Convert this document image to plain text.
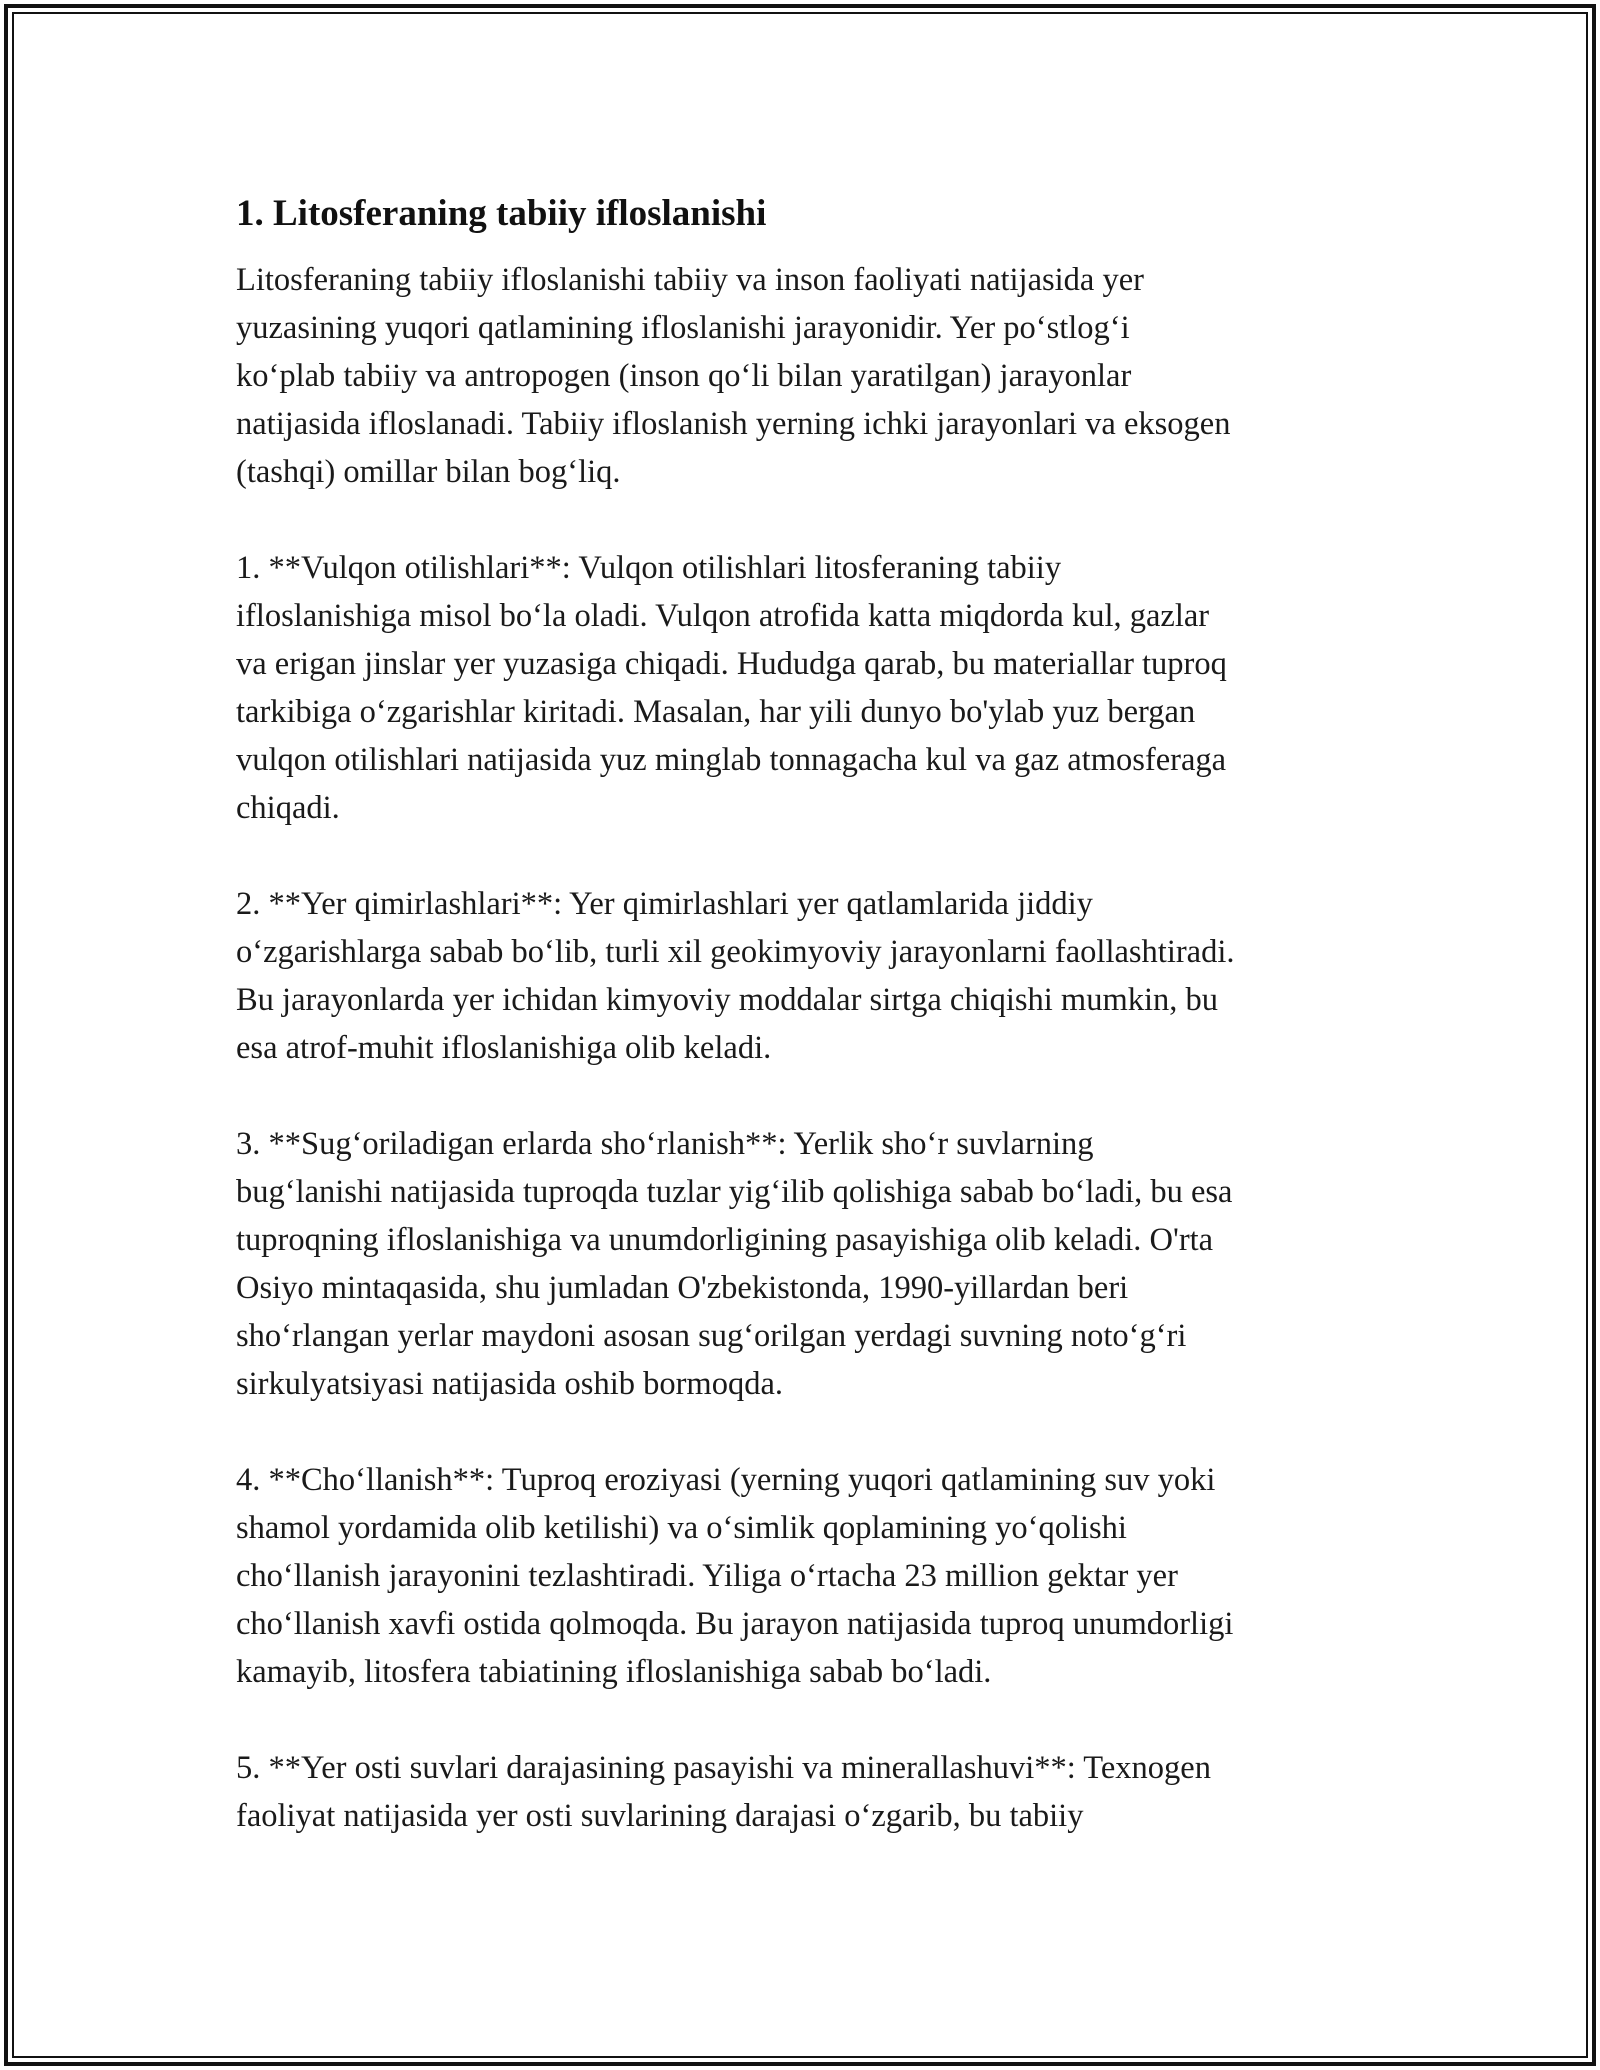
1. Litosferaning tabiiy ifloslanishi

Litosferaning tabiiy ifloslanishi tabiiy va inson faoliyati natijasida yer
yuzasining yuqori qatlamining ifloslanishi jarayonidir. Yer po‘stlog‘i
ko‘plab tabiiy va antropogen (inson qo‘li bilan yaratilgan) jarayonlar
natijasida ifloslanadi. Tabiiy ifloslanish yerning ichki jarayonlari va eksogen
(tashqi) omillar bilan bog‘liq.

1. **Vulqon otilishlari**: Vulqon otilishlari litosferaning tabiiy
ifloslanishiga misol bo‘la oladi. Vulqon atrofida katta miqdorda kul, gazlar
va erigan jinslar yer yuzasiga chiqadi. Hududga qarab, bu materiallar tuproq
tarkibiga o‘zgarishlar kiritadi. Masalan, har yili dunyo bo'ylab yuz bergan
vulqon otilishlari natijasida yuz minglab tonnagacha kul va gaz atmosferaga
chiqadi.

2. **Yer qimirlashlari**: Yer qimirlashlari yer qatlamlarida jiddiy
o‘zgarishlarga sabab bo‘lib, turli xil geokimyoviy jarayonlarni faollashtiradi.
Bu jarayonlarda yer ichidan kimyoviy moddalar sirtga chiqishi mumkin, bu
esa atrof-muhit ifloslanishiga olib keladi.

3. **Sug‘oriladigan erlarda sho‘rlanish**: Yerlik sho‘r suvlarning
bug‘lanishi natijasida tuproqda tuzlar yig‘ilib qolishiga sabab bo‘ladi, bu esa
tuproqning ifloslanishiga va unumdorligining pasayishiga olib keladi. O'rta
Osiyo mintaqasida, shu jumladan O'zbekistonda, 1990-yillardan beri
sho‘rlangan yerlar maydoni asosan sug‘orilgan yerdagi suvning noto‘g‘ri
sirkulyatsiyasi natijasida oshib bormoqda.

4. **Cho‘llanish**: Tuproq eroziyasi (yerning yuqori qatlamining suv yoki
shamol yordamida olib ketilishi) va o‘simlik qoplamining yo‘qolishi
cho‘llanish jarayonini tezlashtiradi. Yiliga o‘rtacha 23 million gektar yer
cho‘llanish xavfi ostida qolmoqda. Bu jarayon natijasida tuproq unumdorligi
kamayib, litosfera tabiatining ifloslanishiga sabab bo‘ladi.

5. **Yer osti suvlari darajasining pasayishi va minerallashuvi**: Texnogen
faoliyat natijasida yer osti suvlarining darajasi o‘zgarib, bu tabiiy
